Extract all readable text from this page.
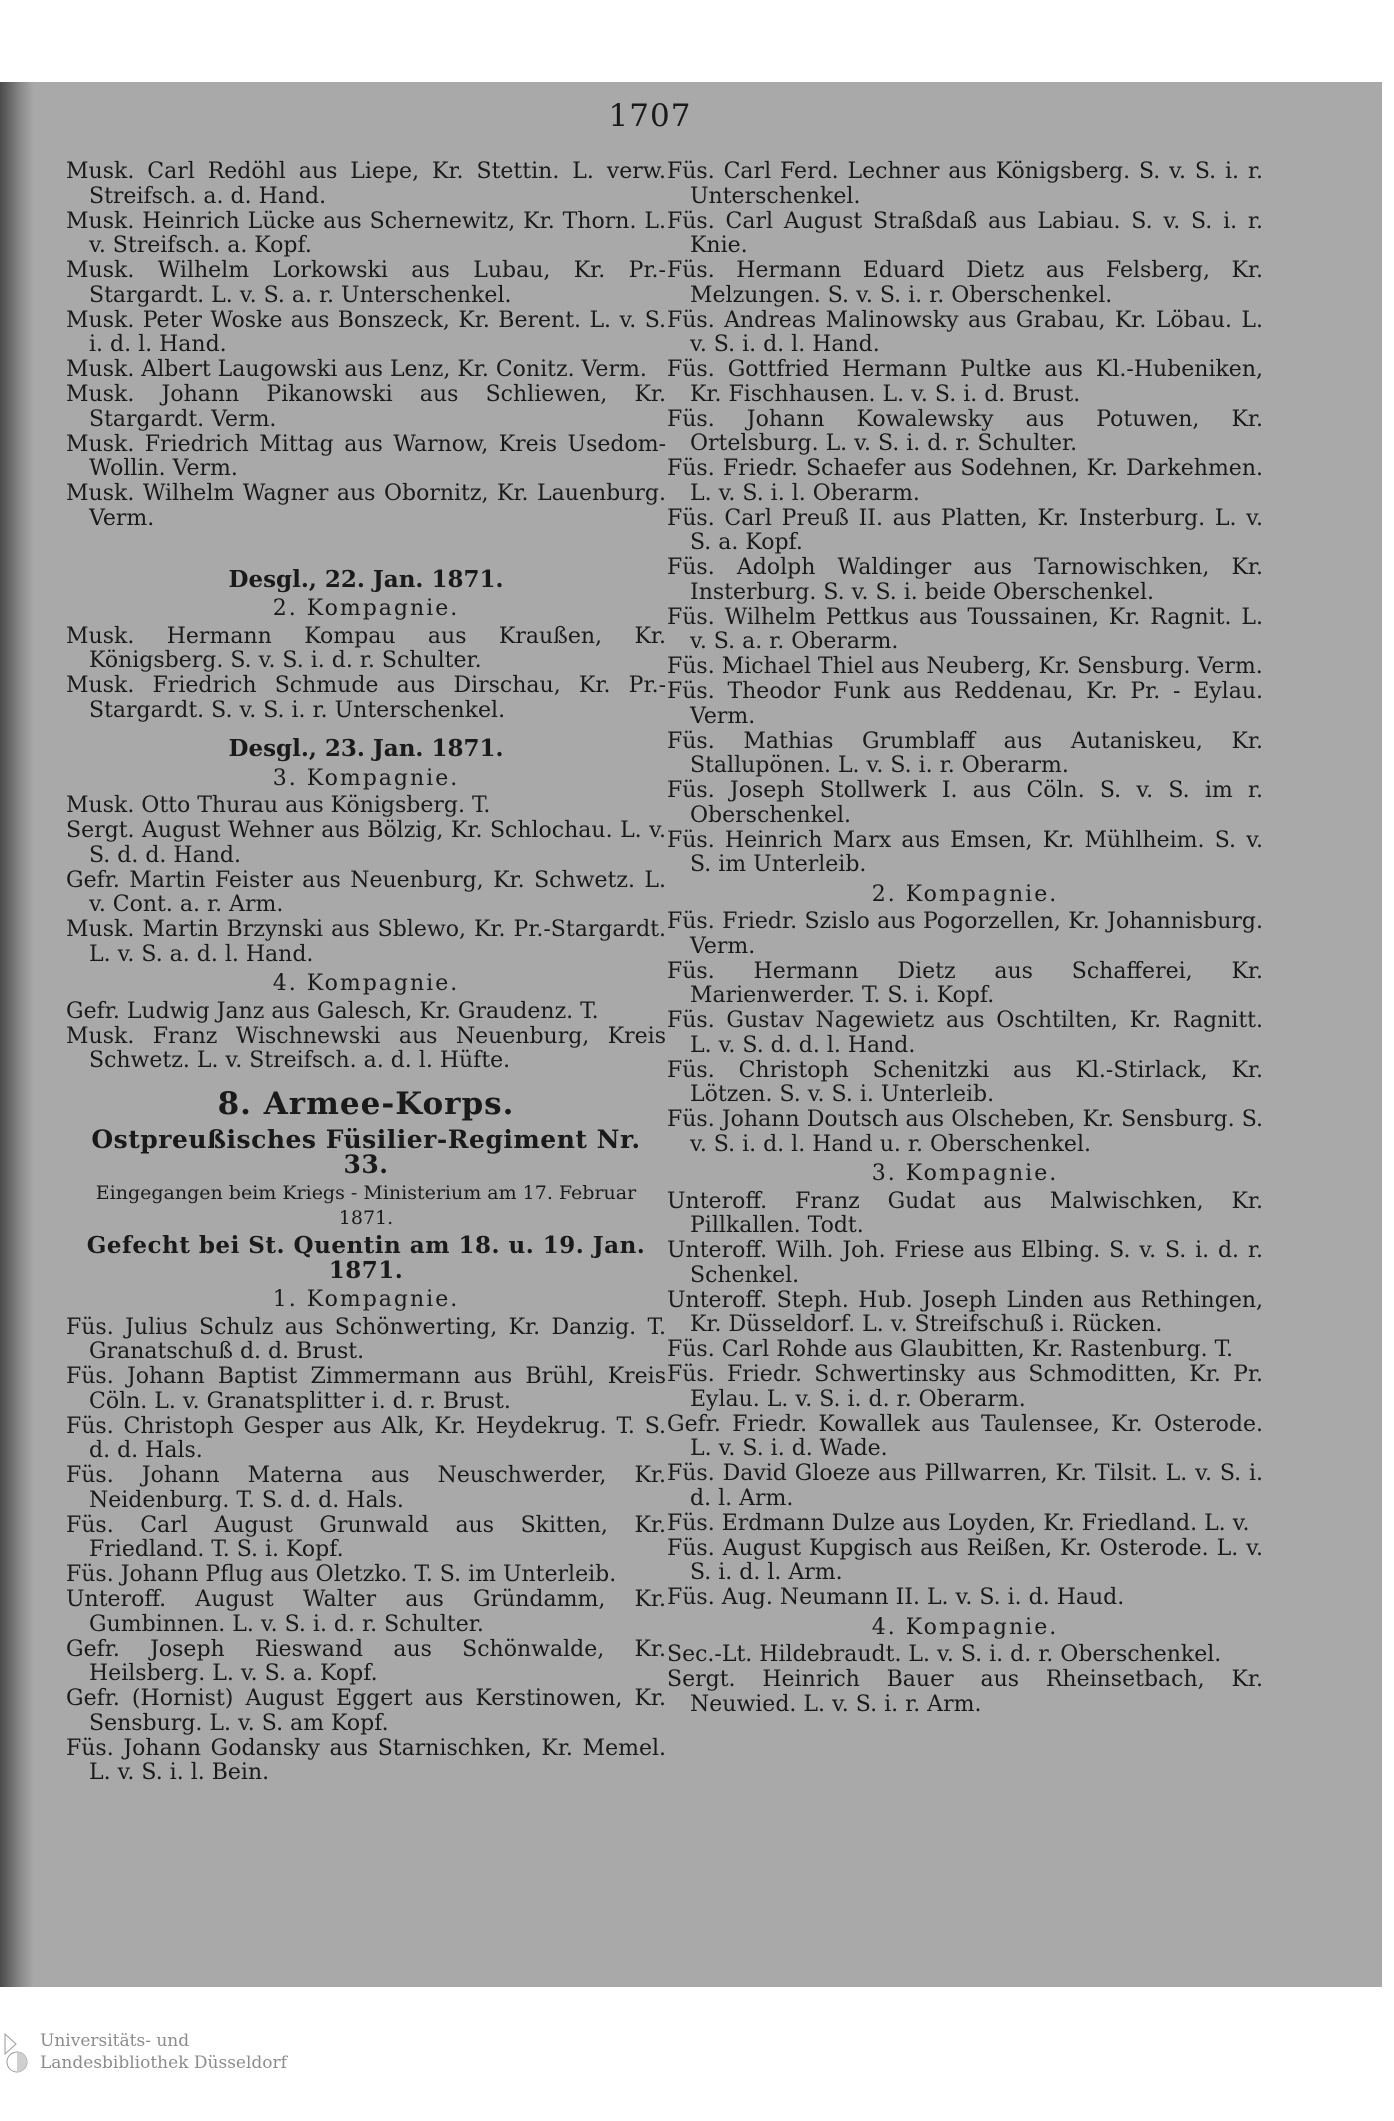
1707
Musk. Carl Redöhl aus Liepe, Kr. Stettin. L. verw. Streifsch. a. d. Hand.
Musk. Heinrich Lücke aus Schernewitz, Kr. Thorn. L. v. Streifsch. a. Kopf.
Musk. Wilhelm Lorkowski aus Lubau, Kr. Pr.-Stargardt. L. v. S. a. r. Unterschenkel.
Musk. Peter Woske aus Bonszeck, Kr. Berent. L. v. S. i. d. l. Hand.
Musk. Albert Laugowski aus Lenz, Kr. Conitz. Verm.
Musk. Johann Pikanowski aus Schliewen, Kr. Stargardt. Verm.
Musk. Friedrich Mittag aus Warnow, Kreis Usedom-Wollin. Verm.
Musk. Wilhelm Wagner aus Obornitz, Kr. Lauenburg. Verm.
Desgl., 22. Jan. 1871.
2. Kompagnie.
Musk. Hermann Kompau aus Kraußen, Kr. Königsberg. S. v. S. i. d. r. Schulter.
Musk. Friedrich Schmude aus Dirschau, Kr. Pr.-Stargardt. S. v. S. i. r. Unterschenkel.
Desgl., 23. Jan. 1871.
3. Kompagnie.
Musk. Otto Thurau aus Königsberg. T.
Sergt. August Wehner aus Bölzig, Kr. Schlochau. L. v. S. d. d. Hand.
Gefr. Martin Feister aus Neuenburg, Kr. Schwetz. L. v. Cont. a. r. Arm.
Musk. Martin Brzynski aus Sblewo, Kr. Pr.-Stargardt. L. v. S. a. d. l. Hand.
4. Kompagnie.
Gefr. Ludwig Janz aus Galesch, Kr. Graudenz. T.
Musk. Franz Wischnewski aus Neuenburg, Kreis Schwetz. L. v. Streifsch. a. d. l. Hüfte.
8. Armee-Korps.
Ostpreußisches Füsilier-Regiment Nr. 33.
Eingegangen beim Kriegs - Ministerium am 17. Februar 1871.
Gefecht bei St. Quentin am 18. u. 19. Jan. 1871.
1. Kompagnie.
Füs. Julius Schulz aus Schönwerting, Kr. Danzig. T. Granatschuß d. d. Brust.
Füs. Johann Baptist Zimmermann aus Brühl, Kreis Cöln. L. v. Granatsplitter i. d. r. Brust.
Füs. Christoph Gesper aus Alk, Kr. Heydekrug. T. S. d. d. Hals.
Füs. Johann Materna aus Neuschwerder, Kr. Neidenburg. T. S. d. d. Hals.
Füs. Carl August Grunwald aus Skitten, Kr. Friedland. T. S. i. Kopf.
Füs. Johann Pflug aus Oletzko. T. S. im Unterleib.
Unteroff. August Walter aus Gründamm, Kr. Gumbinnen. L. v. S. i. d. r. Schulter.
Gefr. Joseph Rieswand aus Schönwalde, Kr. Heilsberg. L. v. S. a. Kopf.
Gefr. (Hornist) August Eggert aus Kerstinowen, Kr. Sensburg. L. v. S. am Kopf.
Füs. Johann Godansky aus Starnischken, Kr. Memel. L. v. S. i. l. Bein.
Füs. Carl Ferd. Lechner aus Königsberg. S. v. S. i. r. Unterschenkel.
Füs. Carl August Straßdaß aus Labiau. S. v. S. i. r. Knie.
Füs. Hermann Eduard Dietz aus Felsberg, Kr. Melzungen. S. v. S. i. r. Oberschenkel.
Füs. Andreas Malinowsky aus Grabau, Kr. Löbau. L. v. S. i. d. l. Hand.
Füs. Gottfried Hermann Pultke aus Kl.-Hubeniken, Kr. Fischhausen. L. v. S. i. d. Brust.
Füs. Johann Kowalewsky aus Potuwen, Kr. Ortelsburg. L. v. S. i. d. r. Schulter.
Füs. Friedr. Schaefer aus Sodehnen, Kr. Darkehmen. L. v. S. i. l. Oberarm.
Füs. Carl Preuß II. aus Platten, Kr. Insterburg. L. v. S. a. Kopf.
Füs. Adolph Waldinger aus Tarnowischken, Kr. Insterburg. S. v. S. i. beide Oberschenkel.
Füs. Wilhelm Pettkus aus Toussainen, Kr. Ragnit. L. v. S. a. r. Oberarm.
Füs. Michael Thiel aus Neuberg, Kr. Sensburg. Verm.
Füs. Theodor Funk aus Reddenau, Kr. Pr. - Eylau. Verm.
Füs. Mathias Grumblaff aus Autaniskeu, Kr. Stallupönen. L. v. S. i. r. Oberarm.
Füs. Joseph Stollwerk I. aus Cöln. S. v. S. im r. Oberschenkel.
Füs. Heinrich Marx aus Emsen, Kr. Mühlheim. S. v. S. im Unterleib.
2. Kompagnie.
Füs. Friedr. Szislo aus Pogorzellen, Kr. Johannisburg. Verm.
Füs. Hermann Dietz aus Schafferei, Kr. Marienwerder. T. S. i. Kopf.
Füs. Gustav Nagewietz aus Oschtilten, Kr. Ragnitt. L. v. S. d. d. l. Hand.
Füs. Christoph Schenitzki aus Kl.-Stirlack, Kr. Lötzen. S. v. S. i. Unterleib.
Füs. Johann Doutsch aus Olscheben, Kr. Sensburg. S. v. S. i. d. l. Hand u. r. Oberschenkel.
3. Kompagnie.
Unteroff. Franz Gudat aus Malwischken, Kr. Pillkallen. Todt.
Unteroff. Wilh. Joh. Friese aus Elbing. S. v. S. i. d. r. Schenkel.
Unteroff. Steph. Hub. Joseph Linden aus Rethingen, Kr. Düsseldorf. L. v. Streifschuß i. Rücken.
Füs. Carl Rohde aus Glaubitten, Kr. Rastenburg. T.
Füs. Friedr. Schwertinsky aus Schmoditten, Kr. Pr. Eylau. L. v. S. i. d. r. Oberarm.
Gefr. Friedr. Kowallek aus Taulensee, Kr. Osterode. L. v. S. i. d. Wade.
Füs. David Gloeze aus Pillwarren, Kr. Tilsit. L. v. S. i. d. l. Arm.
Füs. Erdmann Dulze aus Loyden, Kr. Friedland. L. v.
Füs. August Kupgisch aus Reißen, Kr. Osterode. L. v. S. i. d. l. Arm.
Füs. Aug. Neumann II. L. v. S. i. d. Haud.
4. Kompagnie.
Sec.-Lt. Hildebraudt. L. v. S. i. d. r. Oberschenkel.
Sergt. Heinrich Bauer aus Rheinsetbach, Kr. Neuwied. L. v. S. i. r. Arm.
Universitäts- und
Landesbibliothek Düsseldorf
